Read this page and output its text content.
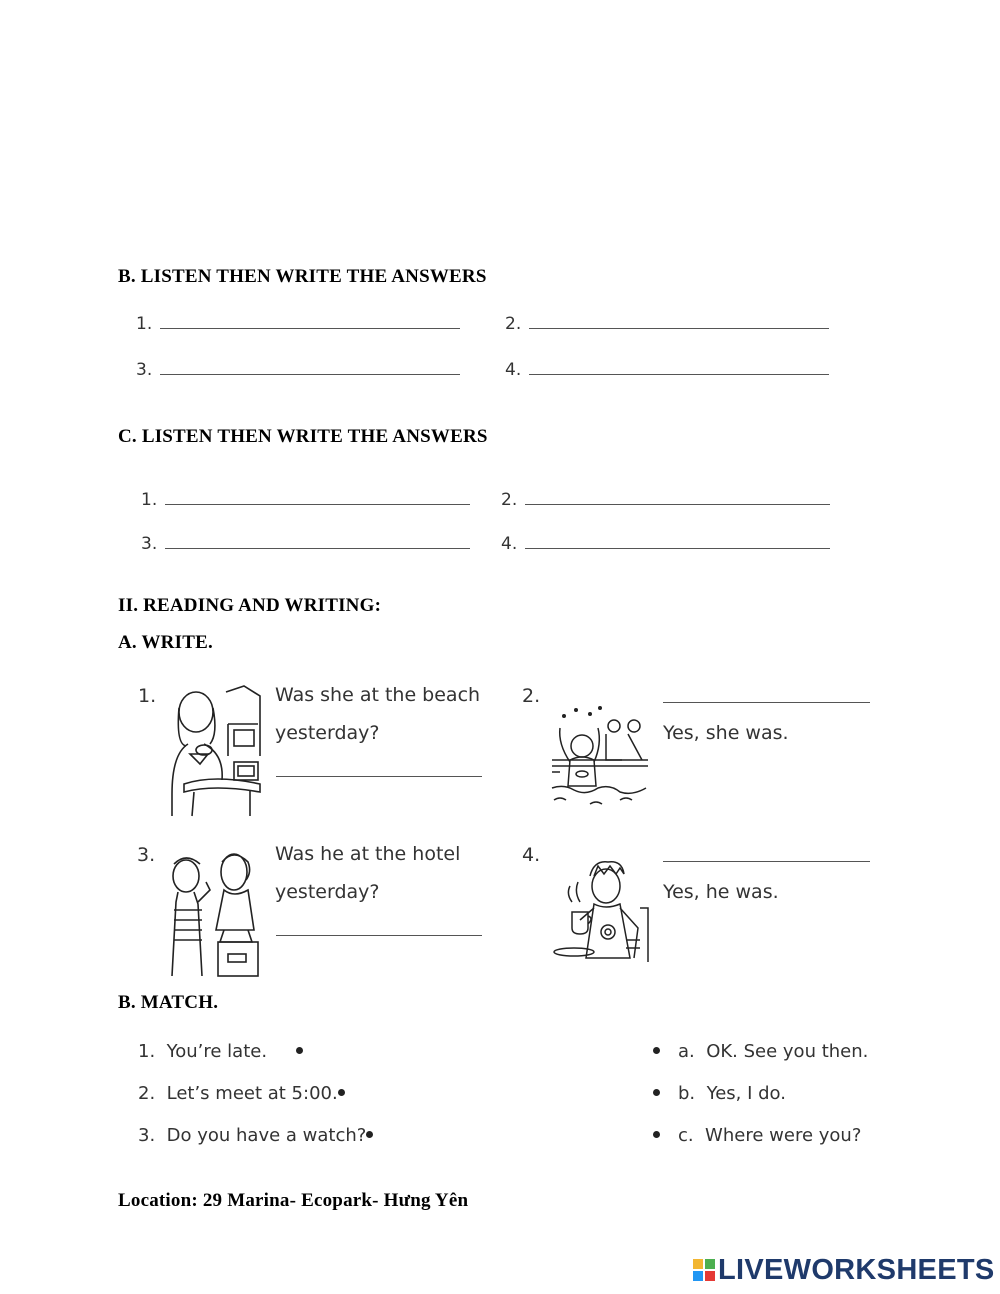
B. LISTEN THEN WRITE THE ANSWERS
1.	2.
3.	4.
C. LISTEN THEN WRITE THE ANSWERS
1.	2.
3.	4.
II. READING AND WRITING:
A. WRITE.
1.	Was she at the beach
yesterday?
2.
Yes, she was.
3.	Was he at the hotel
yesterday?
4.
Yes, he was.
B. MATCH.
1.  You’re late.
2.  Let’s meet at 5:00.
3.  Do you have a watch?
a.  OK. See you then.
b.  Yes, I do.
c.  Where were you?
Location: 29 Marina- Ecopark- Hưng Yên
LIVEWORKSHEETS
